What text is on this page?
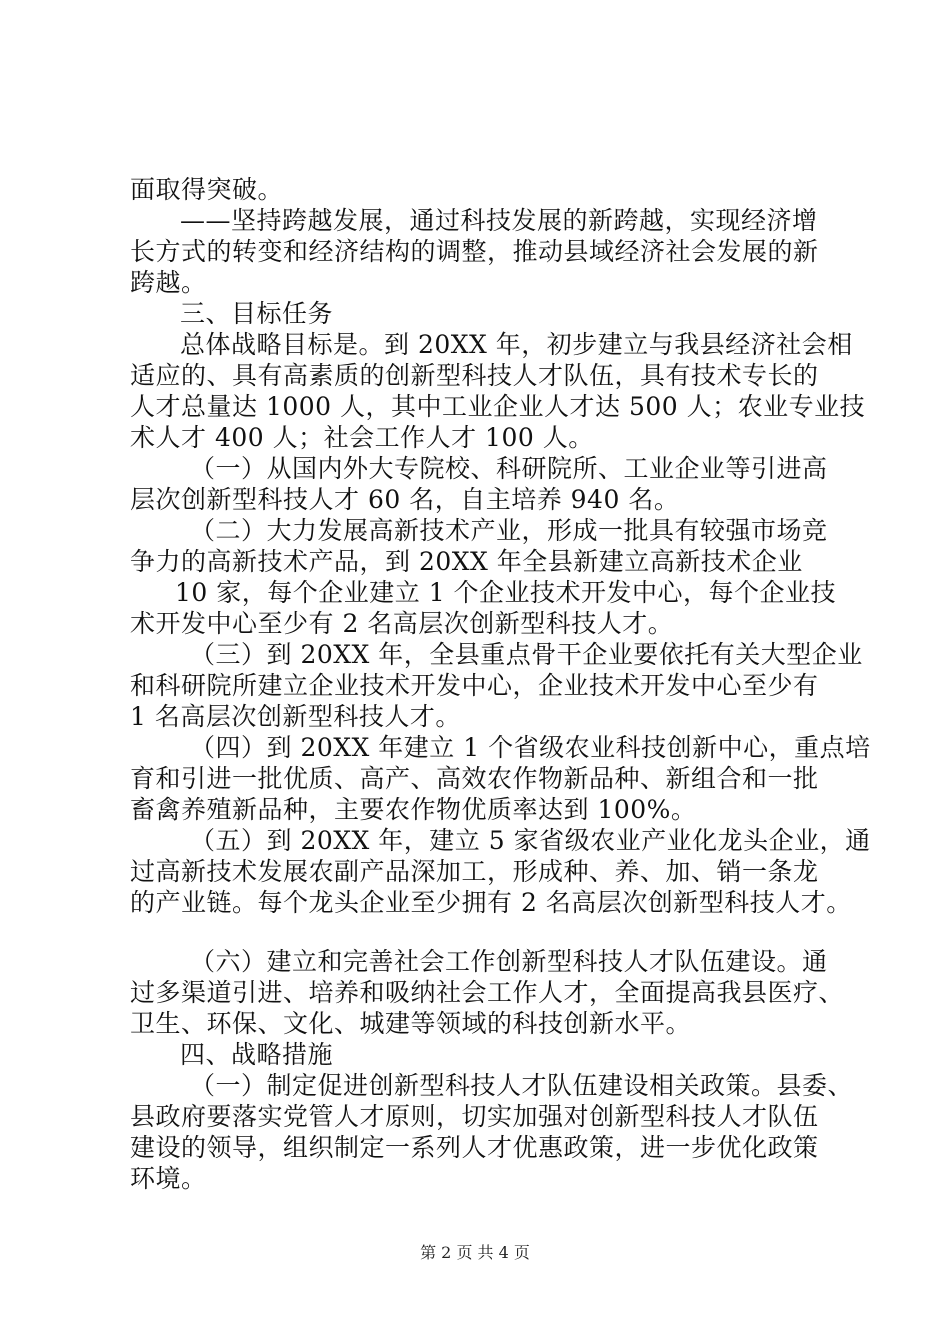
面取得突破。
——坚持跨越发展，通过科技发展的新跨越，实现经济增
长方式的转变和经济结构的调整，推动县域经济社会发展的新
跨越。
三、目标任务
总体战略目标是。到 20XX 年，初步建立与我县经济社会相
适应的、具有高素质的创新型科技人才队伍，具有技术专长的
人才总量达 1000 人，其中工业企业人才达 500 人；农业专业技
术人才 400 人；社会工作人才 100 人。
（一）从国内外大专院校、科研院所、工业企业等引进高
层次创新型科技人才 60 名，自主培养 940 名。
（二）大力发展高新技术产业，形成一批具有较强市场竞
争力的高新技术产品，到 20XX 年全县新建立高新技术企业
10 家，每个企业建立 1 个企业技术开发中心，每个企业技
术开发中心至少有 2 名高层次创新型科技人才。
（三）到 20XX 年，全县重点骨干企业要依托有关大型企业
和科研院所建立企业技术开发中心，企业技术开发中心至少有
1 名高层次创新型科技人才。
（四）到 20XX 年建立 1 个省级农业科技创新中心，重点培
育和引进一批优质、高产、高效农作物新品种、新组合和一批
畜禽养殖新品种，主要农作物优质率达到 100%。
（五）到 20XX 年，建立 5 家省级农业产业化龙头企业，通
过高新技术发展农副产品深加工，形成种、养、加、销一条龙
的产业链。每个龙头企业至少拥有 2 名高层次创新型科技人才。
（六）建立和完善社会工作创新型科技人才队伍建设。通
过多渠道引进、培养和吸纳社会工作人才，全面提高我县医疗、
卫生、环保、文化、城建等领域的科技创新水平。
四、战略措施
（一）制定促进创新型科技人才队伍建设相关政策。县委、
县政府要落实党管人才原则，切实加强对创新型科技人才队伍
建设的领导，组织制定一系列人才优惠政策，进一步优化政策
环境。
第 2 页 共 4 页
